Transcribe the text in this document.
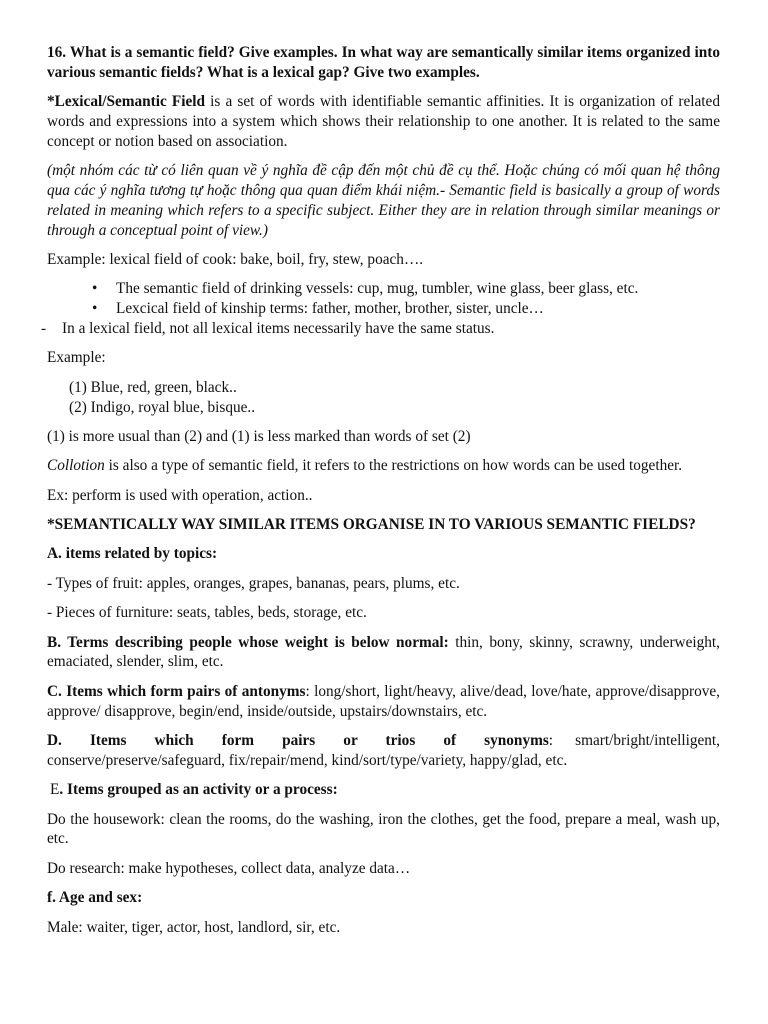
16. What is a semantic field? Give examples. In what way are semantically similar items organized into various semantic fields? What is a lexical gap? Give two examples.

*Lexical/Semantic Field is a set of words with identifiable semantic affinities. It is organization of related words and expressions into a system which shows their relationship to one another. It is related to the same concept or notion based on association.

(một nhóm các từ có liên quan về ý nghĩa đề cập đến một chủ đề cụ thể. Hoặc chúng có mối quan hệ thông qua các ý nghĩa tương tự hoặc thông qua quan điểm khái niệm.- Semantic field is basically a group of words related in meaning which refers to a specific subject. Either they are in relation through similar meanings or through a conceptual point of view.)

Example: lexical field of cook: bake, boil, fry, stew, poach….

• The semantic field of drinking vessels: cup, mug, tumbler, wine glass, beer glass, etc.
• Lexcical field of kinship terms: father, mother, brother, sister, uncle…
- In a lexical field, not all lexical items necessarily have the same status.

Example:

(1) Blue, red, green, black..
(2) Indigo, royal blue, bisque..

(1) is more usual than (2) and (1) is less marked than words of set (2)

Collotion is also a type of semantic field, it refers to the restrictions on how words can be used together.

Ex: perform is used with operation, action..

*SEMANTICALLY WAY SIMILAR ITEMS ORGANISE IN TO VARIOUS SEMANTIC FIELDS?

A. items related by topics:

- Types of fruit: apples, oranges, grapes, bananas, pears, plums, etc.

- Pieces of furniture: seats, tables, beds, storage, etc.

B. Terms describing people whose weight is below normal: thin, bony, skinny, scrawny, underweight, emaciated, slender, slim, etc.

C. Items which form pairs of antonyms: long/short, light/heavy, alive/dead, love/hate, approve/disapprove, approve/ disapprove, begin/end, inside/outside, upstairs/downstairs, etc.

D. Items which form pairs or trios of synonyms: smart/bright/intelligent, conserve/preserve/safeguard, fix/repair/mend, kind/sort/type/variety, happy/glad, etc.

E. Items grouped as an activity or a process:

Do the housework: clean the rooms, do the washing, iron the clothes, get the food, prepare a meal, wash up, etc.

Do research: make hypotheses, collect data, analyze data…

f. Age and sex:

Male: waiter, tiger, actor, host, landlord, sir, etc.
